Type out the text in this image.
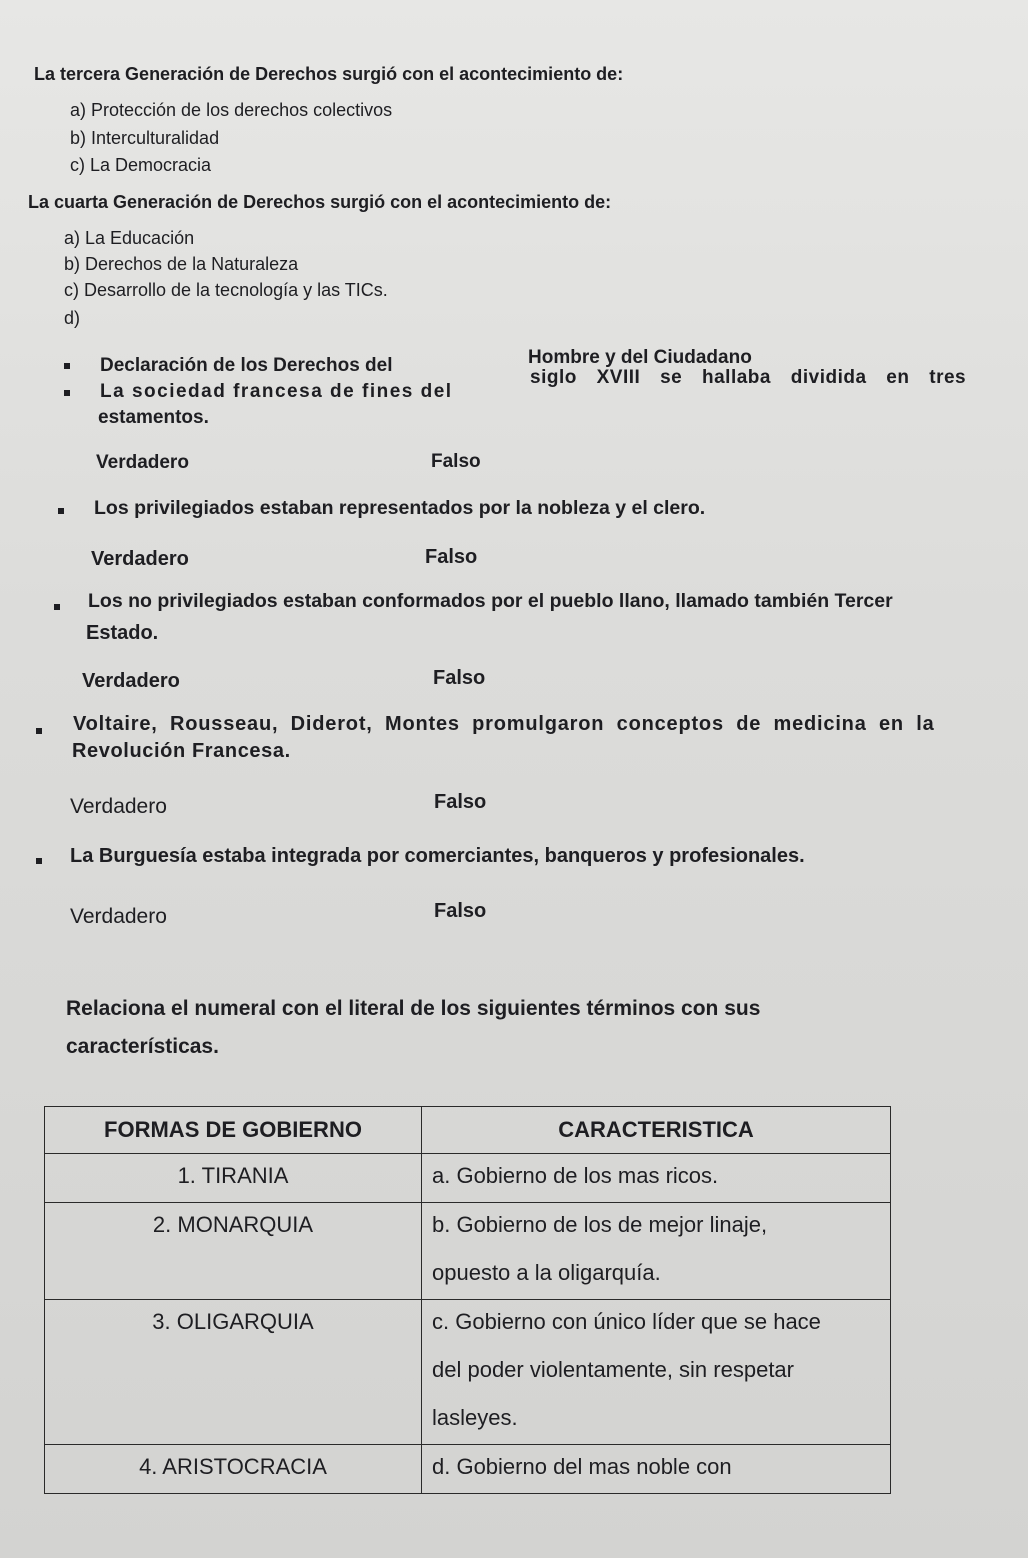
La tercera Generación de Derechos surgió con el acontecimiento de:
a) Protección de los derechos colectivos
b) Interculturalidad
c) La Democracia
La cuarta Generación de Derechos surgió con el acontecimiento de:
a) La Educación
b) Derechos de la Naturaleza
c) Desarrollo de la tecnología y las TICs.
d)
Declaración de los Derechos del	Hombre y del Ciudadano
La sociedad francesa de fines del
siglo XVIII se hallaba dividida en tres
estamentos.
Verdadero	Falso
Los privilegiados estaban representados por la nobleza y el clero.
Verdadero	Falso
Los no privilegiados estaban conformados por el pueblo llano, llamado también Tercer
Estado.
Verdadero	Falso
Voltaire, Rousseau, Diderot, Montes promulgaron conceptos de medicina en la
Revolución Francesa.
Verdadero	Falso
La Burguesía estaba integrada por comerciantes, banqueros y profesionales.
Verdadero	Falso
Relaciona el numeral con el literal de los siguientes términos con sus
características.
FORMAS DE GOBIERNO	CARACTERISTICA
1. TIRANIA	a. Gobierno de los mas ricos.
2. MONARQUIA	b. Gobierno de los de mejor linaje,
opuesto a la oligarquía.

3. OLIGARQUIA	c. Gobierno con único líder que se hace
del poder violentamente, sin respetar
lasleyes.

4. ARISTOCRACIA	d. Gobierno del mas noble con
